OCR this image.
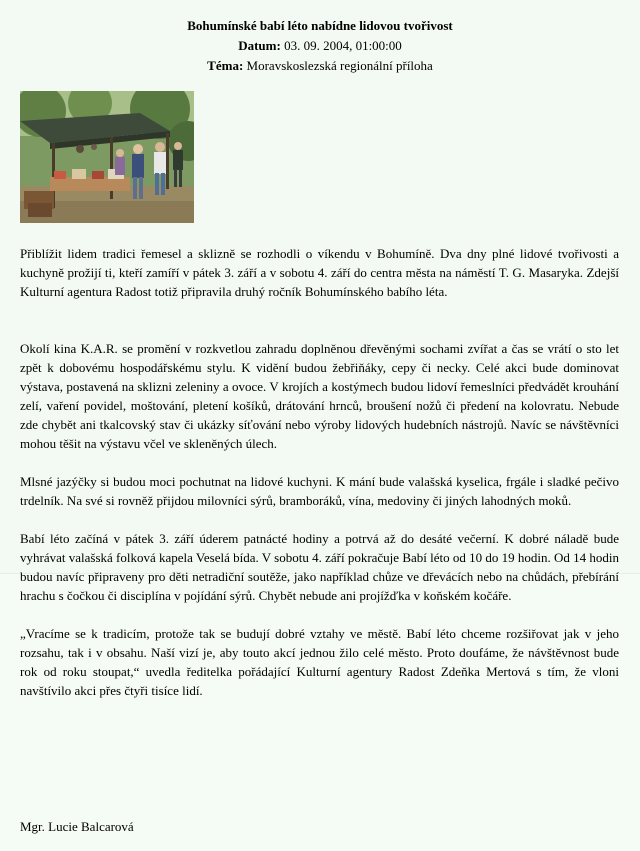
Bohumínské babí léto nabídne lidovou tvořivost
Datum: 03. 09. 2004, 01:00:00
Téma: Moravskoslezská regionální příloha

Přiblížit lidem tradici řemesel a sklizně se rozhodli o víkendu v Bohumíně. Dva dny plné lidové tvořivosti a kuchyně prožijí ti, kteří zamíří v pátek 3. září a v sobotu 4. září do centra města na náměstí T. G. Masaryka. Zdejší Kulturní agentura Radost totiž připravila druhý ročník Bohumínského babího léta.

Okolí kina K.A.R. se promění v rozkvetlou zahradu doplněnou dřevěnými sochami zvířat a čas se vrátí o sto let zpět k dobovému hospodářskému stylu. K vidění budou žebřiňáky, cepy či necky. Celé akci bude dominovat výstava, postavená na sklizni zeleniny a ovoce. V krojích a kostýmech budou lidoví řemeslníci předvádět krouhání zelí, vaření povidel, moštování, pletení košíků, drátování hrnců, broušení nožů či předení na kolovratu. Nebude zde chybět ani tkalcovský stav či ukázky síťování nebo výroby lidových hudebních nástrojů. Navíc se návštěvníci mohou těšit na výstavu včel ve skleněných úlech.

Mlsné jazýčky si budou moci pochutnat na lidové kuchyni. K mání bude valašská kyselica, frgále i sladké pečivo trdelník. Na své si rovněž přijdou milovníci sýrů, bramboráků, vína, medoviny či jiných lahodných moků.

Babí léto začíná v pátek 3. září úderem patnácté hodiny a potrvá až do desáté večerní. K dobré náladě bude vyhrávat valašská folková kapela Veselá bída. V sobotu 4. září pokračuje Babí léto od 10 do 19 hodin. Od 14 hodin budou navíc připraveny pro děti netradiční soutěže, jako například chůze ve dřevácích nebo na chůdách, přebírání hrachu s čočkou či disciplína v pojídání sýrů. Chybět nebude ani projížďka v koňském kočáře.

„Vracíme se k tradicím, protože tak se budují dobré vztahy ve městě. Babí léto chceme rozšiřovat jak v jeho rozsahu, tak i v obsahu. Naší vizí je, aby touto akcí jednou žilo celé město. Proto doufáme, že návštěvnost bude rok od roku stoupat,“ uvedla ředitelka pořádající Kulturní agentury Radost Zdeňka Mertová s tím, že vloni navštívilo akci přes čtyři tisíce lidí.

Mgr. Lucie Balcarová
